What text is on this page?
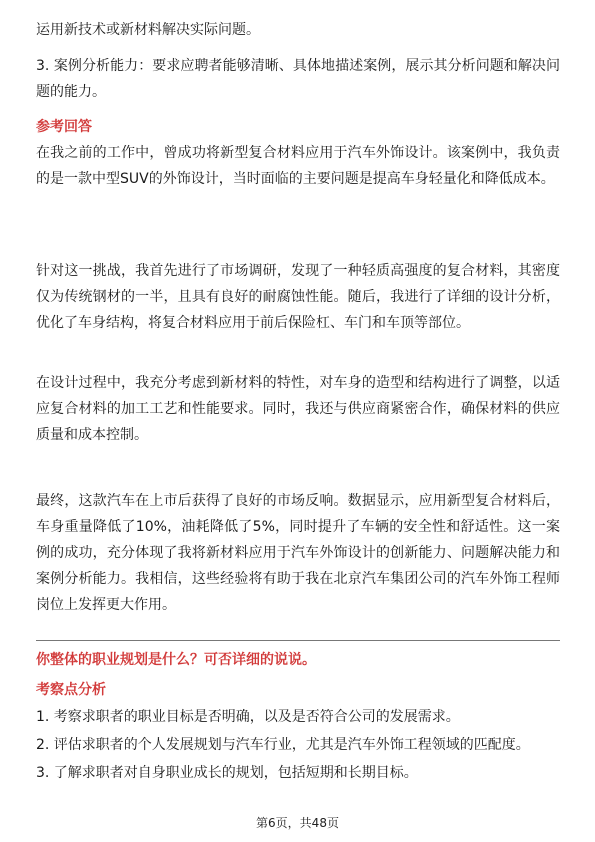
运用新技术或新材料解决实际问题。

3. 案例分析能力：要求应聘者能够清晰、具体地描述案例，展示其分析问题和解决问题的能力。

参考回答

在我之前的工作中，曾成功将新型复合材料应用于汽车外饰设计。该案例中，我负责的是一款中型SUV的外饰设计，当时面临的主要问题是提高车身轻量化和降低成本。

针对这一挑战，我首先进行了市场调研，发现了一种轻质高强度的复合材料，其密度仅为传统钢材的一半，且具有良好的耐腐蚀性能。随后，我进行了详细的设计分析，优化了车身结构，将复合材料应用于前后保险杠、车门和车顶等部位。

在设计过程中，我充分考虑到新材料的特性，对车身的造型和结构进行了调整，以适应复合材料的加工工艺和性能要求。同时，我还与供应商紧密合作，确保材料的供应质量和成本控制。

最终，这款汽车在上市后获得了良好的市场反响。数据显示，应用新型复合材料后，车身重量降低了10%，油耗降低了5%，同时提升了车辆的安全性和舒适性。这一案例的成功，充分体现了我将新材料应用于汽车外饰设计的创新能力、问题解决能力和案例分析能力。我相信，这些经验将有助于我在北京汽车集团公司的汽车外饰工程师岗位上发挥更大作用。

你整体的职业规划是什么？可否详细的说说。
考察点分析

1. 考察求职者的职业目标是否明确，以及是否符合公司的发展需求。

2. 评估求职者的个人发展规划与汽车行业，尤其是汽车外饰工程领域的匹配度。

3. 了解求职者对自身职业成长的规划，包括短期和长期目标。

第6页，共48页
